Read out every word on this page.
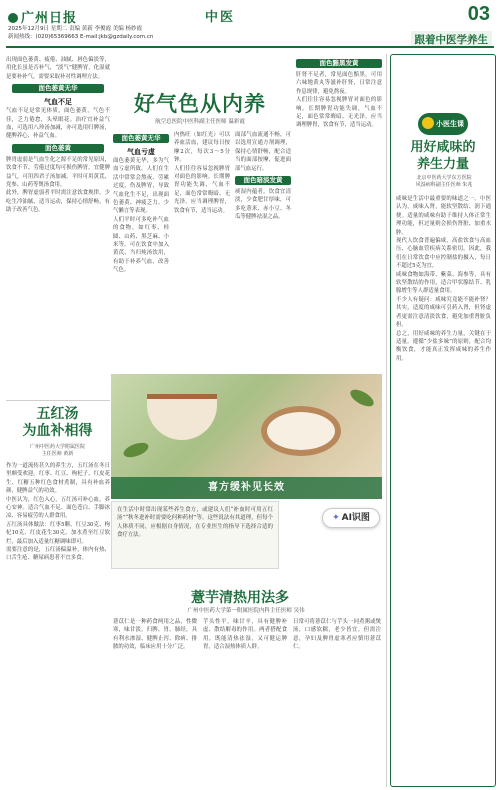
广州日报	中医	03
2025年12月9日 星期二 责编 黄新 李俊霞 美编 杨妙霞
新闻热线：(020)65369663 E-mail:jkb@gzdaily.com.cn	跟着中医学养生

出现面色萎黄、疲倦、油腻、唇色偏淡等，用化长虽是否补气，“淡气”健脾胃，化湿就是要补补气，需要采取补对性调理方法。

面色萎黄无华
气血不足

气血不足是常见体质，面色萎黄，气色不佳，乏力倦怠，头晕眼花。治疗宜补益气血，可选用八珍汤加减，亦可选用归脾汤，健脾养心，补益气血。

面色萎黄

脾胃虚弱是气血生化之源不足的常见原因，饮食不节、劳倦过度均可损伤脾胃，宜健脾益气，可用四君子汤加减。平时可用黄芪、党参、山药等煲汤食用。

此外，脾胃虚弱者平时需注意饮食规律，少吃生冷油腻，适当运动，保持心情舒畅，有助于改善气色。

好气色从内养
航空总医院中医科副主任医师 温彩霞
面色萎黄无华
气血亏虚

面色萎黄无华，多为气血亏虚所致。人们在生活中常常会熬夜、劳累过度，伤及脾胃，导致气血化生不足，出现面色萎黄、神疲乏力、少气懒言等表现。

人们平时可多吃补气血的食物，如红枣、桂圆、山药、黑芝麻、小米等。可在饮食中加入黄芪、当归炖汤饮用，有助于补养气血，改善气色。

内热旺（如红光）可以养血活血，建议每日按摩2次，每次3～5分钟。

人们往往容易忽视脾胃对面色的影响。长期脾胃功能失调，气血不足，面色常常晦暗、无光泽。应当调理脾胃，饮食有节，适当运动。

面部气血流通不畅，可以选用宣通方剂调理，保持心情舒畅，配合适当的面部按摩，促进面部气血运行。

面色暗淡发黄

痰湿内蕴者，饮食宜清淡，少食肥甘厚味，可多吃薏米、赤小豆、冬瓜等健脾祛湿之品。

面色黯黑发黄

肝肾不足者，常见面色黯黑，可用六味地黄丸等滋补肝肾，日常注意作息规律，避免熬夜。

人们往往容易忽视脾胃对面色的影响。长期脾胃功能失调，气血不足，面色常常晦暗、无光泽。应当调理脾胃，饮食有节，适当运动。

五红汤
为血补相得
广州中医药大学附属医院
主任医师 黄新

作为一道流传甚久的养生方，五红汤在冬日里颇受欢迎。红枣、红豆、枸杞子、红皮花生、红糖五种红色食材煮制，具有补血养颜、健脾益气的功效。

中医认为，红色入心，五红汤可补心血，养心安神。适合气血不足、面色苍白、手脚冰凉、容易疲劳的人群食用。

五红汤具体做法：红枣5颗、红豆30克、枸杞10克、红皮花生30克，加水煮至红豆软烂，最后加入适量红糖调味即可。

需要注意的是，五红汤偏温补，体内有热、口舌生疮、糖尿病患者不宜多食。

喜方缓补见长效

在生活中时常出现某些养生食方，或建议人们“补血时可用五红汤”“秋冬进补时需要吃何种药材”等。这些说法有其道理，但每个人体质不同，应根据自身情况，在专业医生的指导下选择合适的食疗方法。

✦ AI识图
薏芋清热用法多
广州中医药大学第一附属医院内科主任医师 吴伟

薏苡仁是一种药食两用之品，性微寒，味甘淡，归脾、胃、肺经，具有利水渗湿、健脾止泻、除痹、排脓的功效，临床应用十分广泛。

芋头性平，味甘辛，具有健脾补虚、散结解毒的作用。两者搭配食用，既能清热祛湿，又可健运脾胃，适合湿热体质人群。

日常可将薏苡仁与芋头一同煮粥或煲汤，口感软糯，老少皆宜。但需注意，孕妇及脾胃虚寒者应慎用薏苡仁。

小医生课
用好咸味的
养生力量
北京中医药大学东方医院
风湿病科副主任医师 朱兆

咸味是生活中最重要的味道之一。中医认为，咸味入肾，能软坚散结、润下通便。适量的咸味有助于维持人体正常生理功能，但过量则会损伤肾脏、加重水肿。

现代人饮食普遍偏咸，高盐饮食与高血压、心脑血管疾病关系密切。因此，我们在日常饮食中应控制盐的摄入，每日不超过5克为宜。

咸味食物如海带、紫菜、海参等，具有软坚散结的作用，适合甲状腺结节、乳腺增生等人群适量食用。

不少人有疑问：咸味究竟能不能补肾？其实，适度的咸味可引药入肾，但肾虚者更需注意清淡饮食，避免加重肾脏负担。

总之，用好咸味的养生力量，关键在于适量。遵循“少盐多味”的原则，配合均衡饮食，才能真正发挥咸味的养生作用。
